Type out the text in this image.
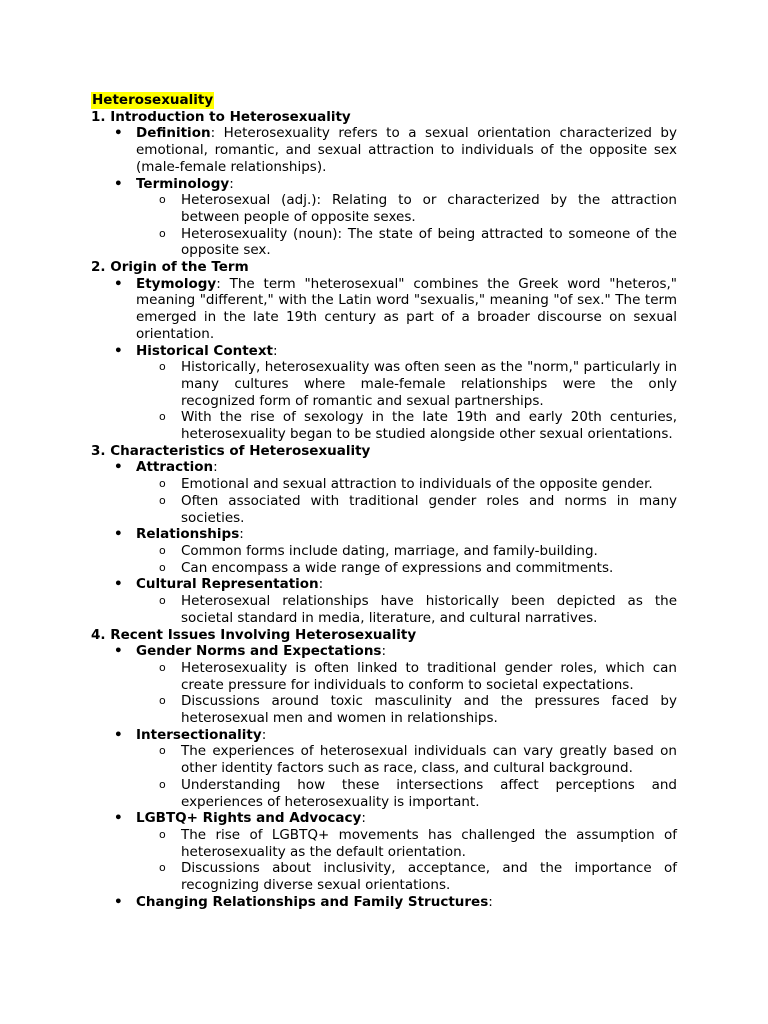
Heterosexuality
1. Introduction to Heterosexuality
• Definition: Heterosexuality refers to a sexual orientation characterized by emotional, romantic, and sexual attraction to individuals of the opposite sex (male-female relationships).
• Terminology:
o Heterosexual (adj.): Relating to or characterized by the attraction between people of opposite sexes.
o Heterosexuality (noun): The state of being attracted to someone of the opposite sex.
2. Origin of the Term
• Etymology: The term "heterosexual" combines the Greek word "heteros," meaning "different," with the Latin word "sexualis," meaning "of sex." The term emerged in the late 19th century as part of a broader discourse on sexual orientation.
• Historical Context:
o Historically, heterosexuality was often seen as the "norm," particularly in many cultures where male-female relationships were the only recognized form of romantic and sexual partnerships.
o With the rise of sexology in the late 19th and early 20th centuries, heterosexuality began to be studied alongside other sexual orientations.
3. Characteristics of Heterosexuality
• Attraction:
o Emotional and sexual attraction to individuals of the opposite gender.
o Often associated with traditional gender roles and norms in many societies.
• Relationships:
o Common forms include dating, marriage, and family-building.
o Can encompass a wide range of expressions and commitments.
• Cultural Representation:
o Heterosexual relationships have historically been depicted as the societal standard in media, literature, and cultural narratives.
4. Recent Issues Involving Heterosexuality
• Gender Norms and Expectations:
o Heterosexuality is often linked to traditional gender roles, which can create pressure for individuals to conform to societal expectations.
o Discussions around toxic masculinity and the pressures faced by heterosexual men and women in relationships.
• Intersectionality:
o The experiences of heterosexual individuals can vary greatly based on other identity factors such as race, class, and cultural background.
o Understanding how these intersections affect perceptions and experiences of heterosexuality is important.
• LGBTQ+ Rights and Advocacy:
o The rise of LGBTQ+ movements has challenged the assumption of heterosexuality as the default orientation.
o Discussions about inclusivity, acceptance, and the importance of recognizing diverse sexual orientations.
• Changing Relationships and Family Structures:
